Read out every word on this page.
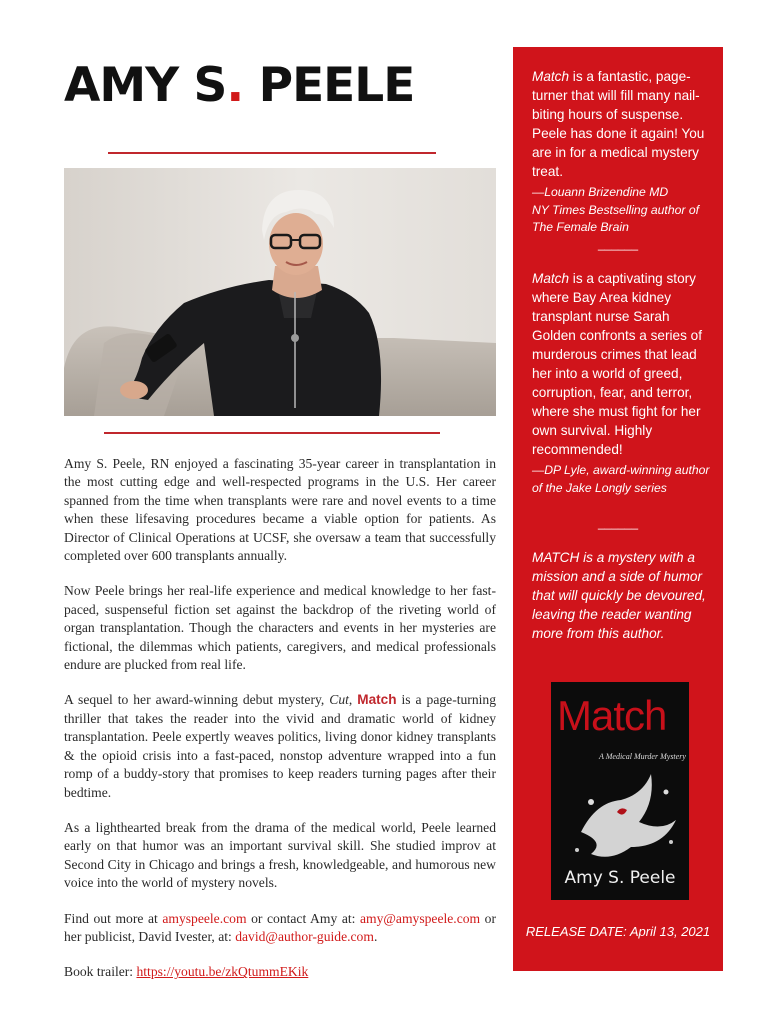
AMY S. PEELE

Amy S. Peele, RN enjoyed a fascinating 35-year career in transplantation in the most cutting edge and well-respected programs in the U.S. Her career spanned from the time when transplants were rare and novel events to a time when these lifesaving procedures became a viable option for patients. As Director of Clinical Operations at UCSF, she oversaw a team that successfully completed over 600 transplants annually.

Now Peele brings her real-life experience and medical knowledge to her fast-paced, suspenseful fiction set against the backdrop of the riveting world of organ transplantation. Though the characters and events in her mysteries are fictional, the dilemmas which patients, caregivers, and medical professionals endure are plucked from real life.

A sequel to her award-winning debut mystery, Cut, Match is a page-turning thriller that takes the reader into the vivid and dramatic world of kidney transplantation. Peele expertly weaves politics, living donor kidney transplants & the opioid crisis into a fast-paced, nonstop adventure wrapped into a fun romp of a buddy-story that promises to keep readers turning pages after their bedtime.

As a lighthearted break from the drama of the medical world, Peele learned early on that humor was an important survival skill. She studied improv at Second City in Chicago and brings a fresh, knowledgeable, and humorous new voice into the world of mystery novels.

Find out more at amyspeele.com or contact Amy at: amy@amyspeele.com or her publicist, David Ivester, at: david@author-guide.com.

Book trailer: https://youtu.be/zkQtummEKik

Match is a fantastic, page-turner that will fill many nail-biting hours of suspense. Peele has done it again! You are in for a medical mystery treat.
—Louann Brizendine MD
NY Times Bestselling author of The Female Brain
______
Match is a captivating story where Bay Area kidney transplant nurse Sarah Golden confronts a series of murderous crimes that lead her into a world of greed, corruption, fear, and terror, where she must fight for her own survival. Highly recommended!
—DP Lyle, award-winning author of the Jake Longly series
______
MATCH is a mystery with a mission and a side of humor that will quickly be devoured, leaving the reader wanting more from this author.
Match
A Medical Murder Mystery
Amy S. Peele
RELEASE DATE: April 13, 2021
